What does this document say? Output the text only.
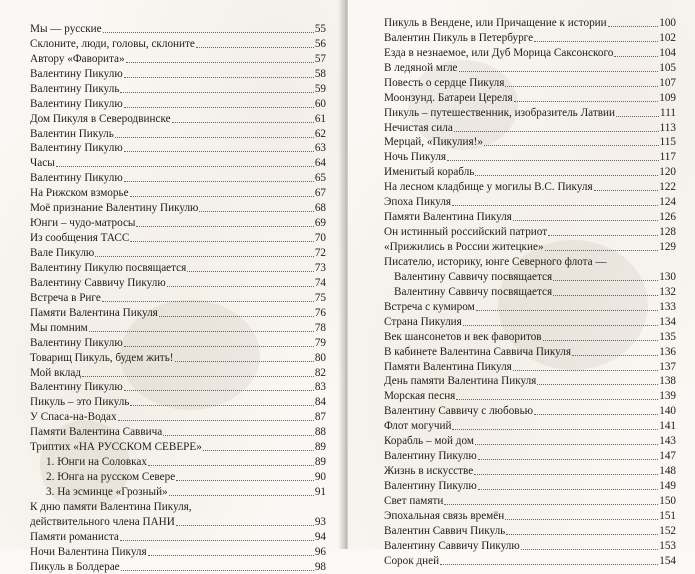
Мы — русские	55
Склоните, люди, головы, склоните	56
Автору «Фаворита»	57
Валентину Пикулю	58
Валентину Пикуль	59
Валентину Пикулю	60
Дом Пикуля в Северодвинске	61
Валентин Пикуль	62
Валентину Пикулю	63
Часы	64
Валентину Пикулю	65
На Рижском взморье	67
Моё признание Валентину Пикулю	68
Юнги – чудо-матросы	69
Из сообщения ТАСС	70
Вале Пикулю	72
Валентину Пикулю посвящается	73
Валентину Саввичу Пикулю	74
Встреча в Риге	75
Памяти Валентина Пикуля	76
Мы помним	78
Валентину Пикулю	79
Товарищ Пикуль, будем жить!	80
Мой вклад	82
Валентину Пикулю	83
Пикуль – это Пикуль	84
У Спаса-на-Водах	87
Памяти Валентина Саввича	88
Триптих «НА РУССКОМ СЕВЕРЕ»	89
1. Юнги на Соловках	89
2. Юнга на русском Севере	90
3. На эсминце «Грозный»	91
К дню памяти Валентина Пикуля,
действительного члена ПАНИ	93
Памяти романиста	94
Ночи Валентина Пикуля	96
Пикуль в Болдерае	98
Пикуль в Вендене, или Причащение к истории	100
Валентин Пикуль в Петербурге	102
Езда в незнаемое, или Дуб Морица Саксонского	104
В ледяной мгле	105
Повесть о сердце Пикуля	107
Моонзунд. Батареи Цереля	109
Пикуль – путешественник, изобразитель Латвии	111
Нечистая сила	113
Мерцай, «Пикулия!»	115
Ночь Пикуля	117
Именитый корабль	120
На лесном кладбище у могилы В.С. Пикуля	122
Эпоха Пикуля	124
Памяти Валентина Пикуля	126
Он истинный российский патриот	128
«Прижились в России житецкие»	129
Писателю, историку, юнге Северного флота —
Валентину Саввичу посвящается	130
Валентину Саввичу посвящается	132
Встреча с кумиром	133
Страна Пикулия	134
Век шансонетов и век фаворитов	135
В кабинете Валентина Саввича Пикуля	136
Памяти Валентина Пикуля	137
День памяти Валентина Пикуля	138
Морская песня	139
Валентину Саввичу с любовью	140
Флот могучий	141
Корабль – мой дом	143
Валентину Пикулю	147
Жизнь в искусстве	148
Валентину Пикулю	149
Свет памяти	150
Эпохальная связь времён	151
Валентин Саввич Пикуль	152
Валентину Саввичу Пикулю	153
Сорок дней	154
